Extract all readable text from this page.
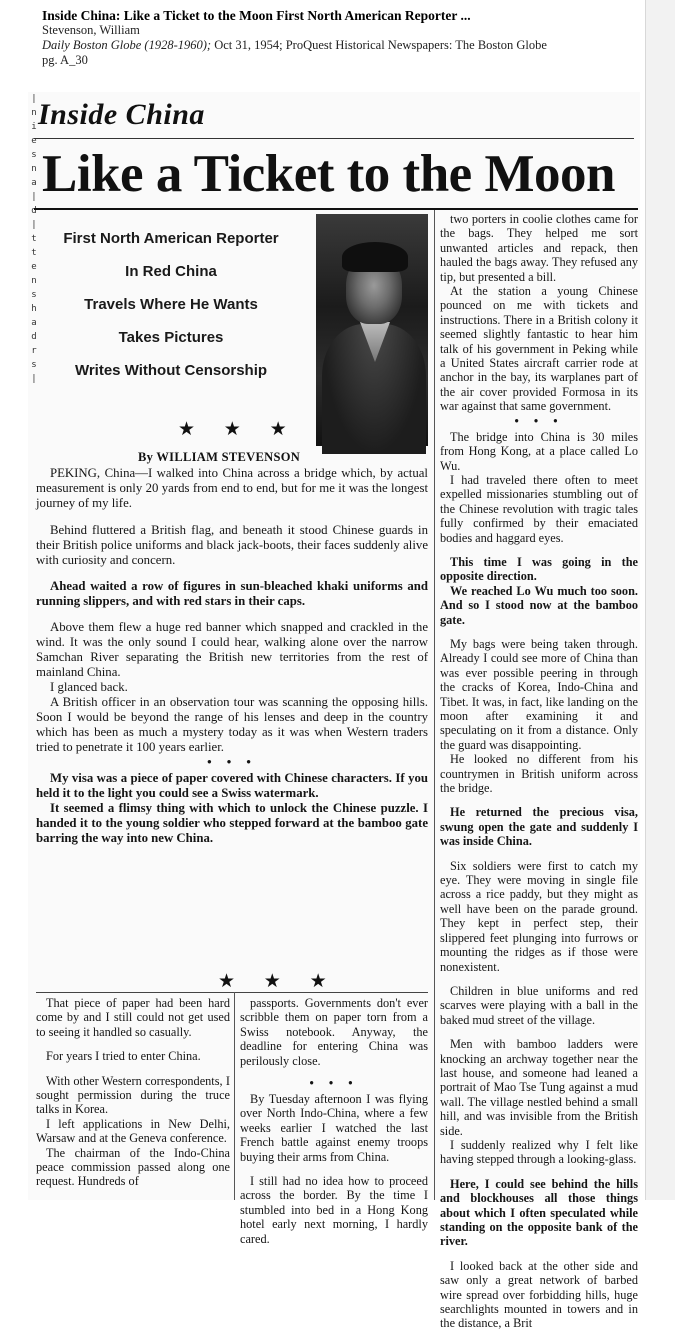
Inside China: Like a Ticket to the Moon First North American Reporter ...
Stevenson, William
Daily Boston Globe (1928-1960); Oct 31, 1954; ProQuest Historical Newspapers: The Boston Globe
pg. A_30
|
n
i
e
s
n
a
|
d
|
t
t
e
n
s
h
a
d
r
s
|
Inside China
Like a Ticket to the Moon
First North American Reporter
In Red China
Travels Where He Wants
Takes Pictures
Writes Without Censorship
★ ★ ★
By WILLIAM STEVENSON

PEKING, China—I walked into China across a bridge which, by actual measurement is only 20 yards from end to end, but for me it was the longest journey of my life.

Behind fluttered a British flag, and beneath it stood Chinese guards in their British police uniforms and black jack-boots, their faces suddenly alive with curiosity and concern.

Ahead waited a row of figures in sun-bleached khaki uniforms and running slippers, and with red stars in their caps.

Above them flew a huge red banner which snapped and crackled in the wind. It was the only sound I could hear, walking alone over the narrow Samchan River separating the British new territories from the rest of mainland China.

I glanced back.

A British officer in an observation tour was scanning the opposing hills. Soon I would be beyond the range of his lenses and deep in the country which has been as much a mystery today as it was when Western traders tried to penetrate it 100 years earlier.

• • •

My visa was a piece of paper covered with Chinese characters. If you held it to the light you could see a Swiss watermark.

It seemed a flimsy thing with which to unlock the Chinese puzzle. I handed it to the young soldier who stepped forward at the bamboo gate barring the way into new China.

★ ★ ★

That piece of paper had been hard come by and I still could not get used to seeing it handled so casually.

For years I tried to enter China.

With other Western correspondents, I sought permission during the truce talks in Korea.

I left applications in New Delhi, Warsaw and at the Geneva conference.

The chairman of the Indo-China peace commission passed along one request. Hundreds of

passports. Governments don't ever scribble them on paper torn from a Swiss notebook. Anyway, the deadline for entering China was perilously close.

• • •

By Tuesday afternoon I was flying over North Indo-China, where a few weeks earlier I watched the last French battle against enemy troops buying their arms from China.

I still had no idea how to proceed across the border. By the time I stumbled into bed in a Hong Kong hotel early next morning, I hardly cared.

two porters in coolie clothes came for the bags. They helped me sort unwanted articles and repack, then hauled the bags away. They refused any tip, but presented a bill.

At the station a young Chinese pounced on me with tickets and instructions. There in a British colony it seemed slightly fantastic to hear him talk of his government in Peking while a United States aircraft carrier rode at anchor in the bay, its warplanes part of the air cover provided Formosa in its war against that same government.

• • •

The bridge into China is 30 miles from Hong Kong, at a place called Lo Wu.

I had traveled there often to meet expelled missionaries stumbling out of the Chinese revolution with tragic tales fully confirmed by their emaciated bodies and haggard eyes.

This time I was going in the opposite direction.

We reached Lo Wu much too soon. And so I stood now at the bamboo gate.

My bags were being taken through. Already I could see more of China than was ever possible peering in through the cracks of Korea, Indo-China and Tibet. It was, in fact, like landing on the moon after examining it and speculating on it from a distance. Only the guard was disappointing.

He looked no different from his countrymen in British uniform across the bridge.

He returned the precious visa, swung open the gate and suddenly I was inside China.

Six soldiers were first to catch my eye. They were moving in single file across a rice paddy, but they might as well have been on the parade ground. They kept in perfect step, their slippered feet plunging into furrows or mounting the ridges as if those were nonexistent.

Children in blue uniforms and red scarves were playing with a ball in the baked mud street of the village.

Men with bamboo ladders were knocking an archway together near the last house, and someone had leaned a portrait of Mao Tse Tung against a mud wall. The village nestled behind a small hill, and was invisible from the British side.

I suddenly realized why I felt like having stepped through a looking-glass.

Here, I could see behind the hills and blockhouses all those things about which I often speculated while standing on the opposite bank of the river.

I looked back at the other side and saw only a great network of barbed wire spread over forbidding hills, huge searchlights mounted in towers and in the distance, a Brit
